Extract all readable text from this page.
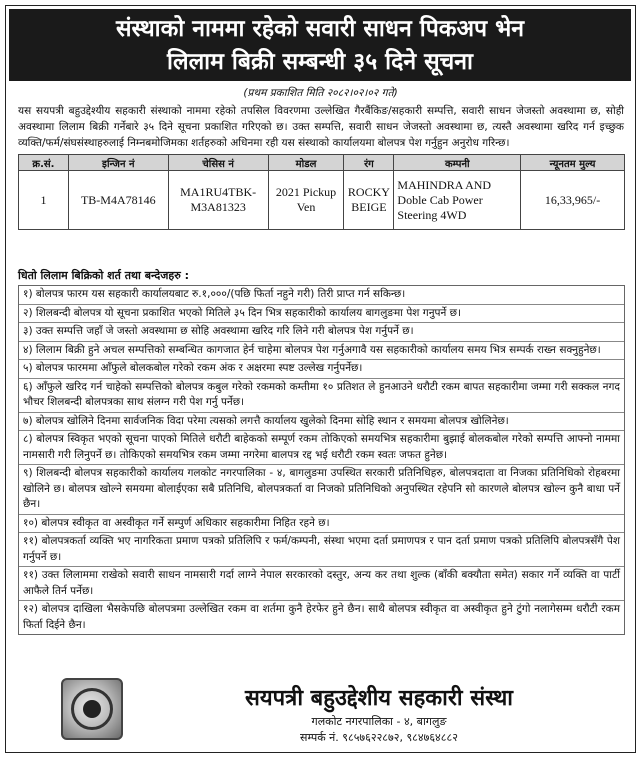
संस्थाको नाममा रहेको सवारी साधन पिकअप भेन
लिलाम बिक्री सम्बन्धी ३५ दिने सूचना
(प्रथम प्रकाशित मिति २०८२।०२।०२ गते)
यस सयपत्री बहुउद्देश्यीय सहकारी संस्थाको नाममा रहेको तपसिल विवरणमा उल्लेखित गैरबैंकिङ/सहकारी सम्पत्ति, सवारी साधन जेजस्तो अवस्थामा छ, सोही अवस्थामा लिलाम बिक्री गर्नेबारे ३५ दिने सूचना प्रकाशित गरिएको छ। उक्त सम्पत्ति, सवारी साधन जेजस्तो अवस्थामा छ, त्यस्तै अवस्थामा खरिद गर्न इच्छुक व्यक्ति/फर्म/संघसंस्थाहरुलाई निम्नबमोजिमका शर्तहरुको अधिनमा रही यस संस्थाको कार्यालयमा बोलपत्र पेश गर्नुहुन अनुरोध गरिन्छ।
क्र.सं.	इन्जिन नं	चेसिस नं	मोडल	रंग	कम्पनी	न्यूनतम मुल्य
1	TB-M4A78146	MA1RU4TBK-M3A81323	2021 Pickup Ven	ROCKY BEIGE	MAHINDRA AND Doble Cab Power Steering 4WD	16,33,965/-
धितो लिलाम बिक्रिको शर्त तथा बन्देजहरु :
१) बोलपत्र फारम यस सहकारी कार्यालयबाट रु.१,०००/(पछि फिर्ता नहुने गरी) तिरी प्राप्त गर्न सकिन्छ।
२) शिलबन्दी बोलपत्र यो सूचना प्रकाशित भएको मितिले ३५ दिन भित्र सहकारीको कार्यालय बागलुङमा पेश गनुपर्ने छ।
३) उक्त सम्पत्ति जहाँ जे जस्तो अवस्थामा छ सोहि अवस्थामा खरिद गरि लिने गरी बोलपत्र पेश गर्नुपर्ने छ।
४) लिलाम बिक्री हुने अचल सम्पत्तिको सम्बन्धित कागजात हेर्न चाहेमा बोलपत्र पेश गर्नुअगावै यस सहकारीको कार्यालय समय भित्र सम्पर्क राख्न सक्नुहुनेछ।
५) बोलपत्र फारममा आँफुले बोलकबोल गरेको रकम अंक र अक्षरमा स्पष्ट उल्लेख गर्नुपर्नेछ।
६) आँफुले खरिद गर्न चाहेको सम्पत्तिको बोलपत्र कबुल गरेको रकमको कम्तीमा १० प्रतिशत ले हुनआउने धरौटी रकम बापत सहकारीमा जम्मा गरी सक्कल नगद भौचर शिलबन्दी बोलपत्रका साथ संलग्न गरी पेश गर्नु पर्नेछ।
७) बोलपत्र खोलिने दिनमा सार्वजनिक विदा परेमा त्यसको लगत्तै कार्यालय खुलेको दिनमा सोहि स्थान र समयमा बोलपत्र खोलिनेछ।
८) बोलपत्र स्विकृत भएको सूचना पाएको मितिले धरौटी बाहेकको सम्पूर्ण रकम तोकिएको समयभित्र सहकारीमा बुझाई बोलकबोल गरेको सम्पत्ति आफ्नो नाममा नामसारी गरी लिनुपर्ने छ। तोकिएको समयभित्र रकम जम्मा नगरेमा बालपत्र रद्द भई धरौटी रकम स्वतः जफत हुनेछ।
९) शिलबन्दी बोलपत्र सहकारीको कार्यालय गलकोट नगरपालिका - ४, बागलुङमा उपस्थित सरकारी प्रतिनिधिहरु, बोलपत्रदाता वा निजका प्रतिनिधिको रोहबरमा खोलिने छ। बोलपत्र खोल्ने समयमा बोलाईएका सबै प्रतिनिधि, बोलपत्रकर्ता वा निजको प्रतिनिधिको अनुपस्थित रहेपनि सो कारणले बोलपत्र खोल्न कुनै बाधा पर्ने छैन।
१०) बोलपत्र स्वीकृत वा अस्वीकृत गर्ने सम्पुर्ण अधिकार सहकारीमा निहित रहने छ।
११) बोलपत्रकर्ता व्यक्ति भए नागरिकता प्रमाण पत्रको प्रतिलिपि र फर्म/कम्पनी, संस्था भएमा दर्ता प्रमाणपत्र र पान दर्ता प्रमाण पत्रको प्रतिलिपि बोलपत्रसँगै पेश गर्नुपर्ने छ।
११) उक्त लिलाममा राखेको सवारी साधन नामसारी गर्दा लाग्ने नेपाल सरकारको दस्तुर, अन्य कर तथा शुल्क (बाँकी बक्यौता समेत) सकार गर्ने व्यक्ति वा पार्टी आफैले तिर्न पर्नेछ।
१२) बोलपत्र दाखिला भैसकेपछि बोलपत्रमा उल्लेखित रकम वा शर्तमा कुनै हेरफेर हुने छैन। साथै बोलपत्र स्वीकृत वा अस्वीकृत हुने टुंगो नलागेसम्म धरौटी रकम फिर्ता दिईने छैन।
सयपत्री बहुउद्देशीय सहकारी संस्था
गलकोट नगरपालिका - ४, बागलुङ
सम्पर्क नं. ९८५७६२२८७२, ९८४७६४८८२
